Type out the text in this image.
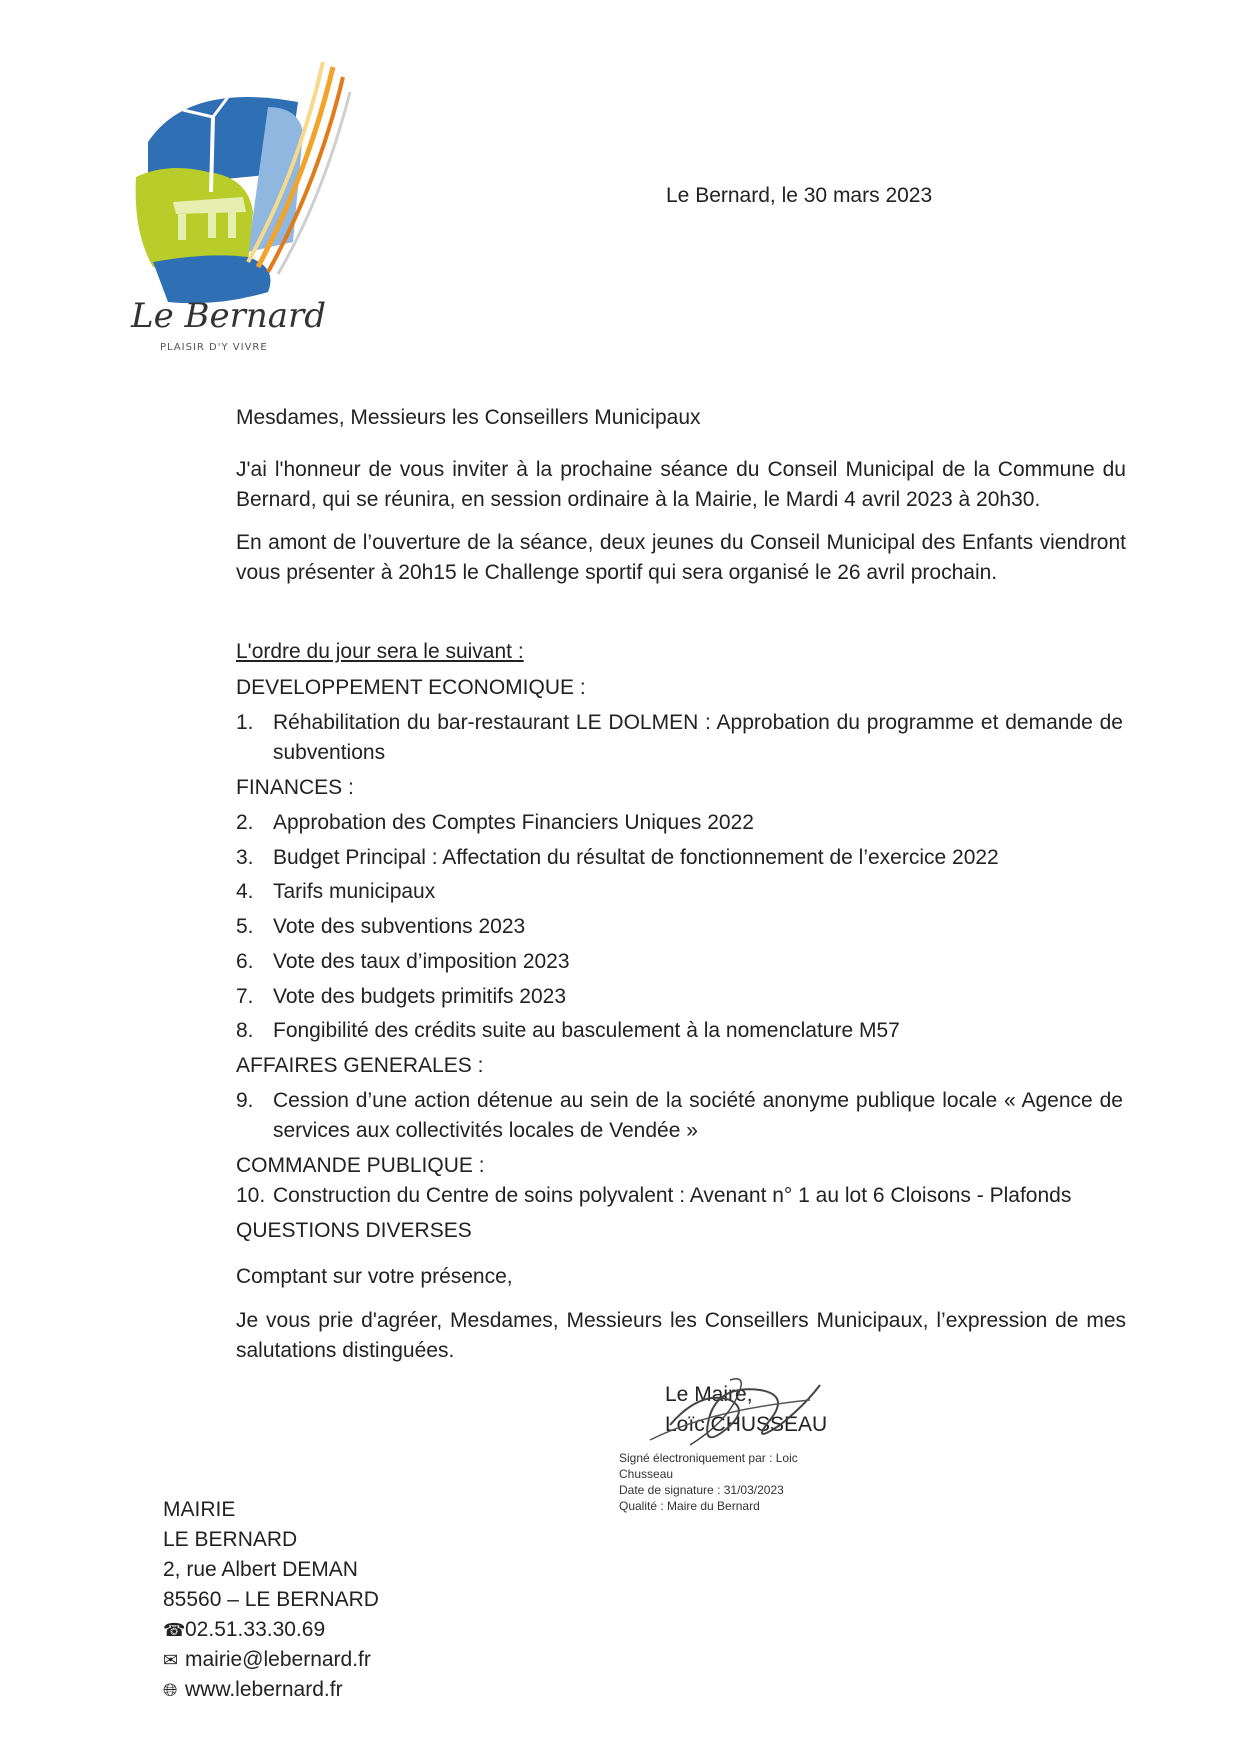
Le Bernard
PLAISIR D'Y VIVRE
Le Bernard, le 30 mars 2023
Mesdames, Messieurs les Conseillers Municipaux
J'ai l'honneur de vous inviter à la prochaine séance du Conseil Municipal de la Commune du Bernard, qui se réunira, en session ordinaire à la Mairie, le Mardi 4 avril 2023 à 20h30.
En amont de l’ouverture de la séance, deux jeunes du Conseil Municipal des Enfants viendront vous présenter à 20h15 le Challenge sportif qui sera organisé le 26 avril prochain.
L'ordre du jour sera le suivant :
DEVELOPPEMENT ECONOMIQUE :
1. Réhabilitation du bar-restaurant LE DOLMEN : Approbation du programme et demande de subventions
FINANCES :
2. Approbation des Comptes Financiers Uniques 2022
3. Budget Principal : Affectation du résultat de fonctionnement de l’exercice 2022
4. Tarifs municipaux
5. Vote des subventions 2023
6. Vote des taux d’imposition 2023
7. Vote des budgets primitifs 2023
8. Fongibilité des crédits suite au basculement à la nomenclature M57
AFFAIRES GENERALES :
9. Cession d’une action détenue au sein de la société anonyme publique locale « Agence de services aux collectivités locales de Vendée »
COMMANDE PUBLIQUE :
10. Construction du Centre de soins polyvalent : Avenant n° 1 au lot 6 Cloisons - Plafonds
QUESTIONS DIVERSES
Comptant sur votre présence,
Je vous prie d'agréer, Mesdames, Messieurs les Conseillers Municipaux, l’expression de mes salutations distinguées.
Le Maire,
Loïc CHUSSEAU
Signé électroniquement par : Loic
Chusseau
Date de signature : 31/03/2023
Qualité : Maire du Bernard
MAIRIE
LE BERNARD
2, rue Albert DEMAN
85560 – LE BERNARD
☎02.51.33.30.69
✉ mairie@lebernard.fr
🌐︎ www.lebernard.fr
